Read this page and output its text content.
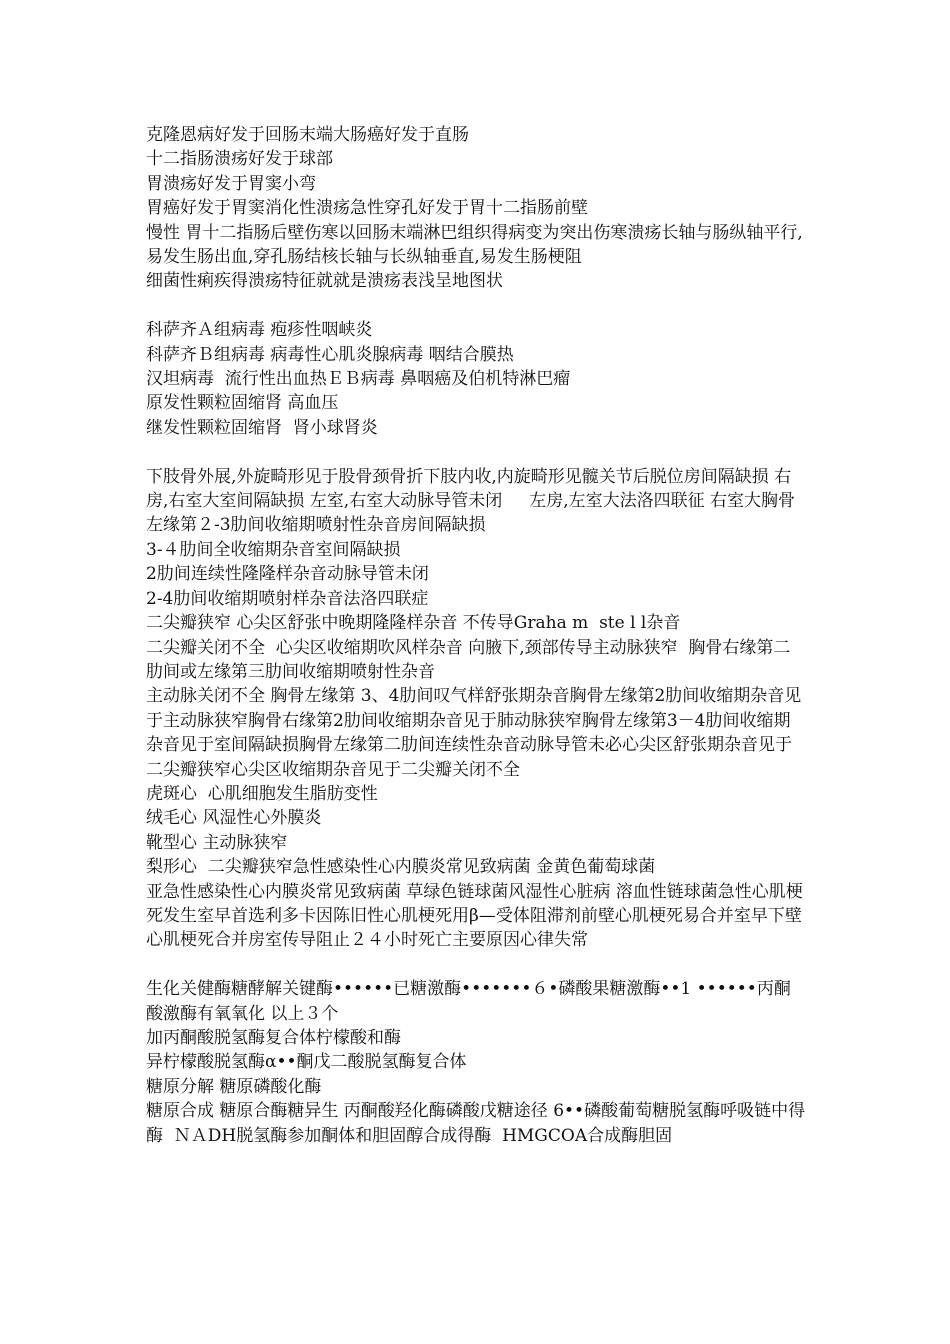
克隆恩病好发于回肠末端大肠癌好发于直肠
十二指肠溃疡好发于球部
胃溃疡好发于胃窦小弯
胃癌好发于胃窦消化性溃疡急性穿孔好发于胃十二指肠前壁
慢性 胃十二指肠后壁伤寒以回肠末端淋巴组织得病变为突出伤寒溃疡长轴与肠纵轴平行,易发生肠出血,穿孔肠结核长轴与长纵轴垂直,易发生肠梗阻
细菌性痢疾得溃疡特征就就是溃疡表浅呈地图状
科萨齐Ａ组病毒 疱疹性咽峡炎
科萨齐Ｂ组病毒 病毒性心肌炎腺病毒 咽结合膜热
汉坦病毒  流行性出血热ＥＢ病毒 鼻咽癌及伯机特淋巴瘤
原发性颗粒固缩肾 高血压
继发性颗粒固缩肾  肾小球肾炎
下肢骨外展,外旋畸形见于股骨颈骨折下肢内收,内旋畸形见髋关节后脱位房间隔缺损 右房,右室大室间隔缺损 左室,右室大动脉导管未闭     左房,左室大法洛四联征 右室大胸骨左缘第２-3肋间收缩期喷射性杂音房间隔缺损
3-４肋间全收缩期杂音室间隔缺损
2肋间连续性隆隆样杂音动脉导管未闭
2-4肋间收缩期喷射样杂音法洛四联症
二尖瓣狭窄 心尖区舒张中晚期隆隆样杂音 不传导Graha m  ste l l杂音
二尖瓣关闭不全  心尖区收缩期吹风样杂音 向腋下,颈部传导主动脉狭窄  胸骨右缘第二肋间或左缘第三肋间收缩期喷射性杂音
主动脉关闭不全 胸骨左缘第 3、4肋间叹气样舒张期杂音胸骨左缘第2肋间收缩期杂音见于主动脉狭窄胸骨右缘第2肋间收缩期杂音见于肺动脉狭窄胸骨左缘第3－4肋间收缩期杂音见于室间隔缺损胸骨左缘第二肋间连续性杂音动脉导管未必心尖区舒张期杂音见于二尖瓣狭窄心尖区收缩期杂音见于二尖瓣关闭不全
虎斑心  心肌细胞发生脂肪变性
绒毛心 风湿性心外膜炎
靴型心 主动脉狭窄
梨形心  二尖瓣狭窄急性感染性心内膜炎常见致病菌 金黄色葡萄球菌
亚急性感染性心内膜炎常见致病菌 草绿色链球菌风湿性心脏病 溶血性链球菌急性心肌梗死发生室早首选利多卡因陈旧性心肌梗死用β—受体阻滞剂前壁心肌梗死易合并室早下壁心肌梗死合并房室传导阻止２４小时死亡主要原因心律失常
生化关健酶糖酵解关键酶••••••已糖激酶•••••••６•磷酸果糖激酶••1 ••••••丙酮酸激酶有氧氧化 以上３个
加丙酮酸脱氢酶复合体柠檬酸和酶
异柠檬酸脱氢酶α••酮戊二酸脱氢酶复合体
糖原分解 糖原磷酸化酶
糖原合成 糖原合酶糖异生 丙酮酸羟化酶磷酸戊糖途径 6••磷酸葡萄糖脱氢酶呼吸链中得酶  ＮＡDH脱氢酶参加酮体和胆固醇合成得酶  HMGCOA合成酶胆固
